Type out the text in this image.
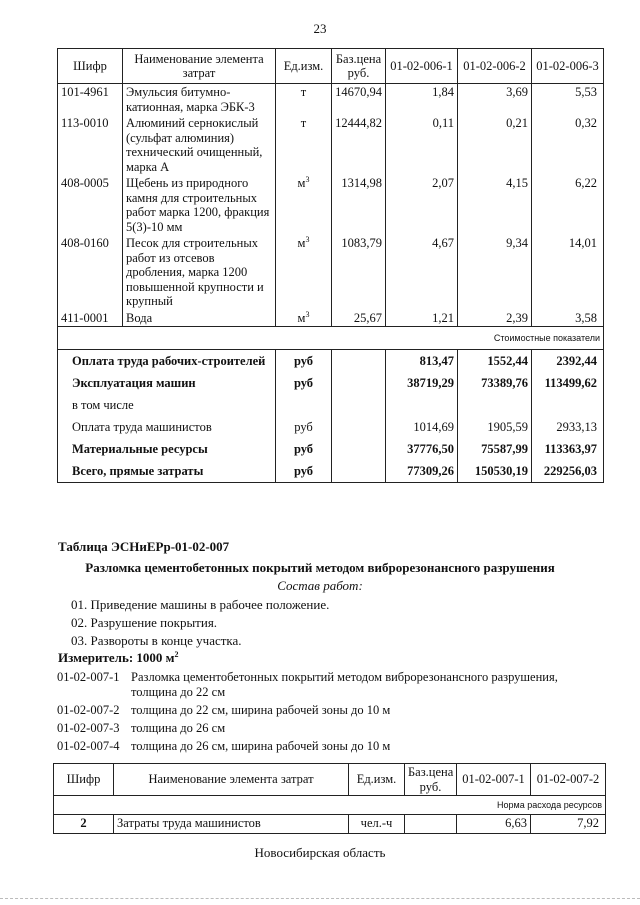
23
Шифр	Наименование элемента затрат	Ед.изм.	Баз.цена руб.	01-02-006-1	01-02-006-2	01-02-006-3
101-4961	Эмульсия битумно-катионная, марка ЭБК-3	т	14670,94	1,84	3,69	5,53
113-0010	Алюминий сернокислый (сульфат алюминия) технический очищенный, марка А	т	12444,82	0,11	0,21	0,32
408-0005	Щебень из природного камня для строительных работ марка 1200, фракция 5(3)-10 мм	$м^3$	1314,98	2,07	4,15	6,22
408-0160	Песок для строительных работ из отсевов дробления, марка 1200 повышенной крупности и крупный	$м^3$	1083,79	4,67	9,34	14,01
411-0001	Вода	$м^3$	25,67	1,21	2,39	3,58
Стоимостные показатели						
Оплата труда рабочих-строителей		руб		813,47	1552,44	2392,44
Эксплуатация машин		руб		38719,29	73389,76	113499,62
в том числе						
Оплата труда машинистов		руб		1014,69	1905,59	2933,13
Материальные ресурсы		руб		37776,50	75587,99	113363,97
Всего, прямые затраты		руб		77309,26	150530,19	229256,03
Таблица ЭСНиЕРр-01-02-007
Разломка цементобетонных покрытий методом виброрезонансного разрушения
Состав работ:
01. Приведение машины в рабочее положение.
02. Разрушение покрытия.
03. Развороты в конце участка.
Измеритель: 1000 $м^2$
01-02-007-1 Разломка цементобетонных покрытий методом виброрезонансного разрушения, толщина до 22 см
01-02-007-2 толщина до 22 см, ширина рабочей зоны до 10 м
01-02-007-3 толщина до 26 см
01-02-007-4 толщина до 26 см, ширина рабочей зоны до 10 м
Шифр	Наименование элемента затрат	Ед.изм.	Баз.цена руб.	01-02-007-1	01-02-007-2
Норма расхода ресурсов					
2	Затраты труда машинистов	чел.-ч		6,63	7,92
Новосибирская область
